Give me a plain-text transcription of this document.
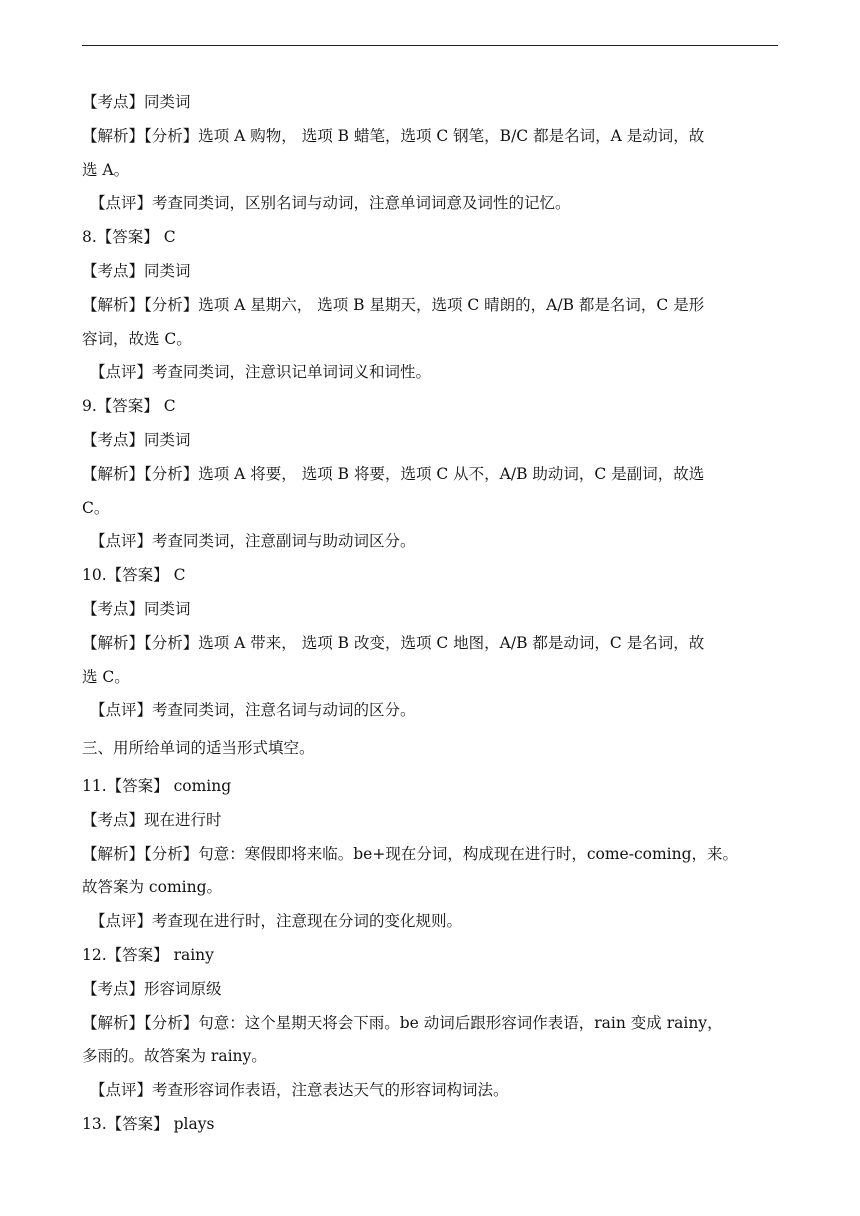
【考点】同类词
【解析】【分析】选项 A 购物， 选项 B 蜡笔，选项 C 钢笔，B/C 都是名词，A 是动词，故
选 A。
【点评】考查同类词，区别名词与动词，注意单词词意及词性的记忆。
8.【答案】 C
【考点】同类词
【解析】【分析】选项 A 星期六， 选项 B 星期天，选项 C 晴朗的，A/B 都是名词，C 是形
容词，故选 C。
【点评】考查同类词，注意识记单词词义和词性。
9.【答案】 C
【考点】同类词
【解析】【分析】选项 A 将要， 选项 B 将要，选项 C 从不，A/B 助动词，C 是副词，故选
C。
【点评】考查同类词，注意副词与助动词区分。
10.【答案】 C
【考点】同类词
【解析】【分析】选项 A 带来， 选项 B 改变，选项 C 地图，A/B 都是动词，C 是名词，故
选 C。
【点评】考查同类词，注意名词与动词的区分。
三、用所给单词的适当形式填空。
11.【答案】 coming
【考点】现在进行时
【解析】【分析】句意：寒假即将来临。be+现在分词，构成现在进行时，come-coming，来。
故答案为 coming。
【点评】考查现在进行时，注意现在分词的变化规则。
12.【答案】 rainy
【考点】形容词原级
【解析】【分析】句意：这个星期天将会下雨。be 动词后跟形容词作表语，rain 变成 rainy，
多雨的。故答案为 rainy。
【点评】考查形容词作表语，注意表达天气的形容词构词法。
13.【答案】 plays
